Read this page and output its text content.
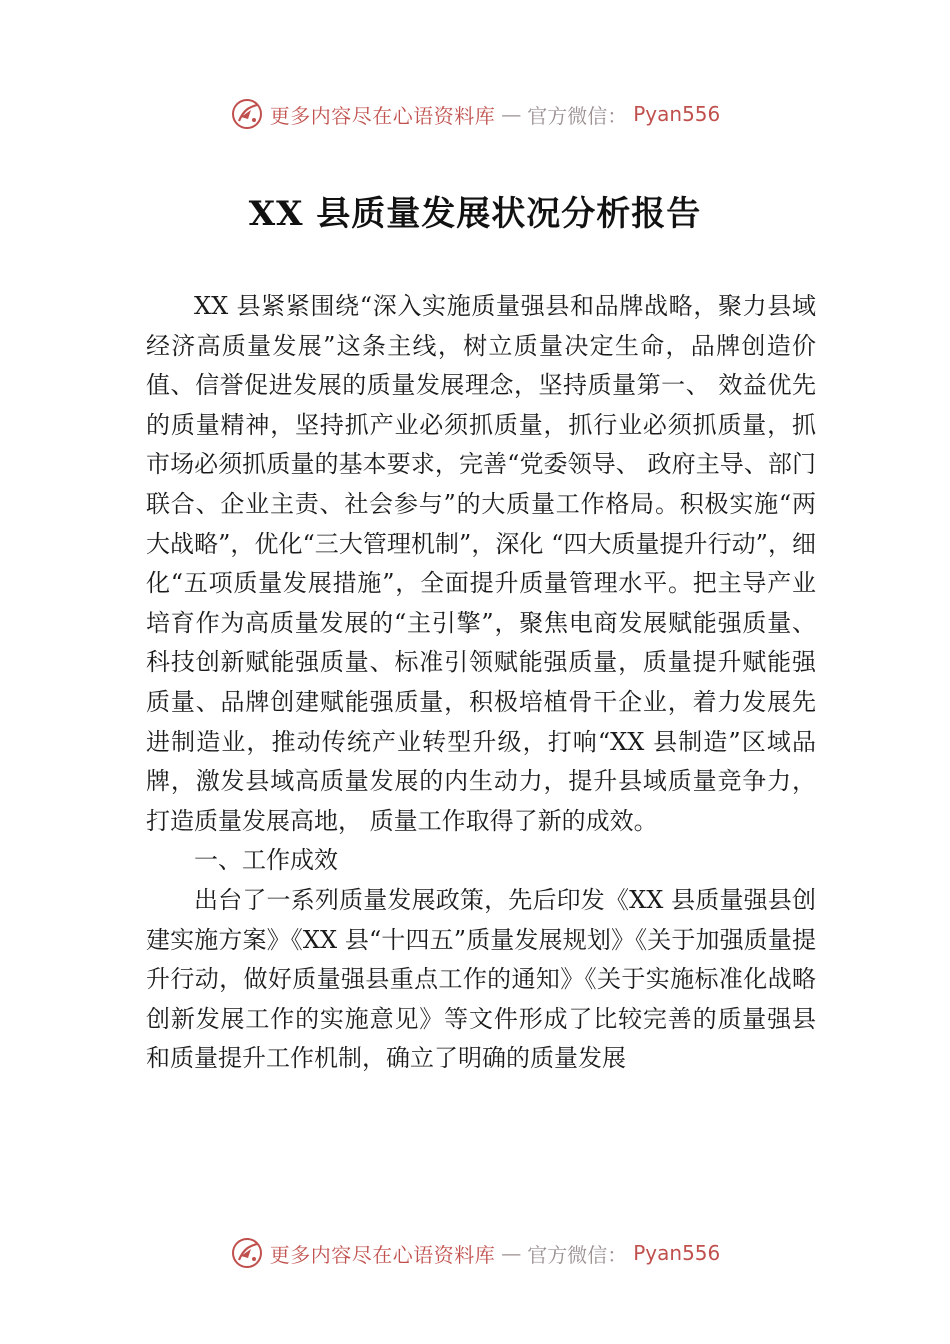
更多内容尽在心语资料库 — 官方微信： Pyan556
XX 县质量发展状况分析报告

XX 县紧紧围绕“深入实施质量强县和品牌战略，聚力县域经济高质量发展”这条主线，树立质量决定生命，品牌创造价值、信誉促进发展的质量发展理念，坚持质量第一、 效益优先的质量精神，坚持抓产业必须抓质量，抓行业必须抓质量，抓市场必须抓质量的基本要求，完善“党委领导、 政府主导、部门联合、企业主责、社会参与”的大质量工作格局。积极实施“两大战略”，优化“三大管理机制”，深化 “四大质量提升行动”，细化“五项质量发展措施”，全面提升质量管理水平。把主导产业培育作为高质量发展的“主引擎”，聚焦电商发展赋能强质量、科技创新赋能强质量、标准引领赋能强质量，质量提升赋能强质量、品牌创建赋能强质量，积极培植骨干企业，着力发展先进制造业，推动传统产业转型升级，打响“XX 县制造”区域品牌，激发县域高质量发展的内生动力，提升县域质量竞争力，打造质量发展高地， 质量工作取得了新的成效。

一、工作成效

出台了一系列质量发展政策，先后印发《XX 县质量强县创建实施方案》《XX 县“十四五”质量发展规划》《关于加强质量提升行动，做好质量强县重点工作的通知》《关于实施标准化战略创新发展工作的实施意见》等文件形成了比较完善的质量强县和质量提升工作机制，确立了明确的质量发展

更多内容尽在心语资料库 — 官方微信： Pyan556
